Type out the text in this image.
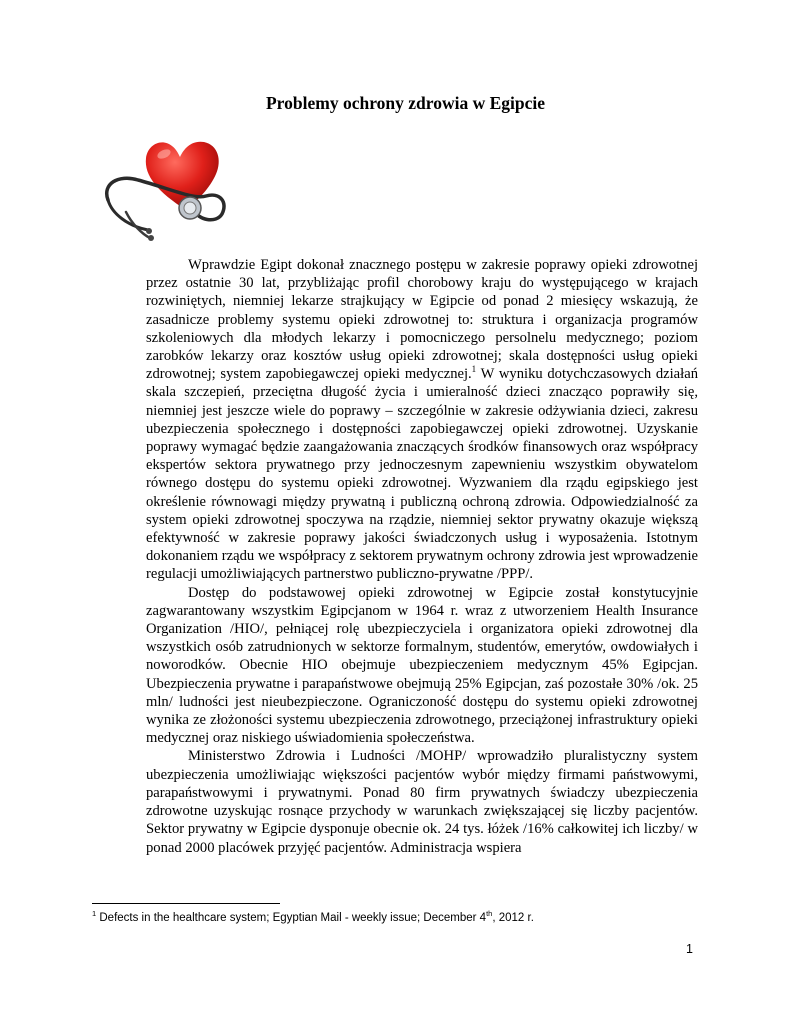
Problemy ochrony zdrowia w Egipcie

Wprawdzie Egipt dokonał znacznego postępu w zakresie poprawy opieki zdrowotnej przez ostatnie 30 lat, przybliżając profil chorobowy kraju do występującego w krajach rozwiniętych, niemniej lekarze strajkujący w Egipcie od ponad 2 miesięcy wskazują, że zasadnicze problemy systemu opieki zdrowotnej to: struktura i organizacja programów szkoleniowych dla młodych lekarzy i pomocniczego persolnelu medycznego; poziom zarobków lekarzy oraz kosztów usług opieki zdrowotnej; skala dostępności usług opieki zdrowotnej; system zapobiegawczej opieki medycznej.$^1$ W wyniku dotychczasowych działań skala szczepień, przeciętna długość życia i umieralność dzieci znacząco poprawiły się, niemniej jest jeszcze wiele do poprawy – szczególnie w zakresie odżywiania dzieci, zakresu ubezpieczenia społecznego i dostępności zapobiegawczej opieki zdrowotnej. Uzyskanie poprawy wymagać będzie zaangażowania znaczących środków finansowych oraz współpracy ekspertów sektora prywatnego przy jednoczesnym zapewnieniu wszystkim obywatelom równego dostępu do systemu opieki zdrowotnej. Wyzwaniem dla rządu egipskiego jest określenie równowagi między prywatną i publiczną ochroną zdrowia. Odpowiedzialność za system opieki zdrowotnej spoczywa na rządzie, niemniej sektor prywatny okazuje większą efektywność w zakresie poprawy jakości świadczonych usług i wyposażenia. Istotnym dokonaniem rządu we współpracy z sektorem prywatnym ochrony zdrowia jest wprowadzenie regulacji umożliwiających partnerstwo publiczno-prywatne /PPP/.

Dostęp do podstawowej opieki zdrowotnej w Egipcie został konstytucyjnie zagwarantowany wszystkim Egipcjanom w 1964 r. wraz z utworzeniem Health Insurance Organization /HIO/, pełniącej rolę ubezpieczyciela i organizatora opieki zdrowotnej dla wszystkich osób zatrudnionych w sektorze formalnym, studentów, emerytów, owdowiałych i noworodków. Obecnie HIO obejmuje ubezpieczeniem medycznym 45% Egipcjan. Ubezpieczenia prywatne i parapaństwowe obejmują 25% Egipcjan, zaś pozostałe 30% /ok. 25 mln/ ludności jest nieubezpieczone. Ograniczoność dostępu do systemu opieki zdrowotnej wynika ze złożoności systemu ubezpieczenia zdrowotnego, przeciążonej infrastruktury opieki medycznej oraz niskiego uświadomienia społeczeństwa.

Ministerstwo Zdrowia i Ludności /MOHP/ wprowadziło pluralistyczny system ubezpieczenia umożliwiając większości pacjentów wybór między firmami państwowymi, parapaństwowymi i prywatnymi. Ponad 80 firm prywatnych świadczy ubezpieczenia zdrowotne uzyskując rosnące przychody w warunkach zwiększającej się liczby pacjentów. Sektor prywatny w Egipcie dysponuje obecnie ok. 24 tys. łóżek /16% całkowitej ich liczby/ w ponad 2000 placówek przyjęć pacjentów. Administracja wspiera

$^1$ Defects in the healthcare system; Egyptian Mail - weekly issue; December 4th, 2012 r.
1
